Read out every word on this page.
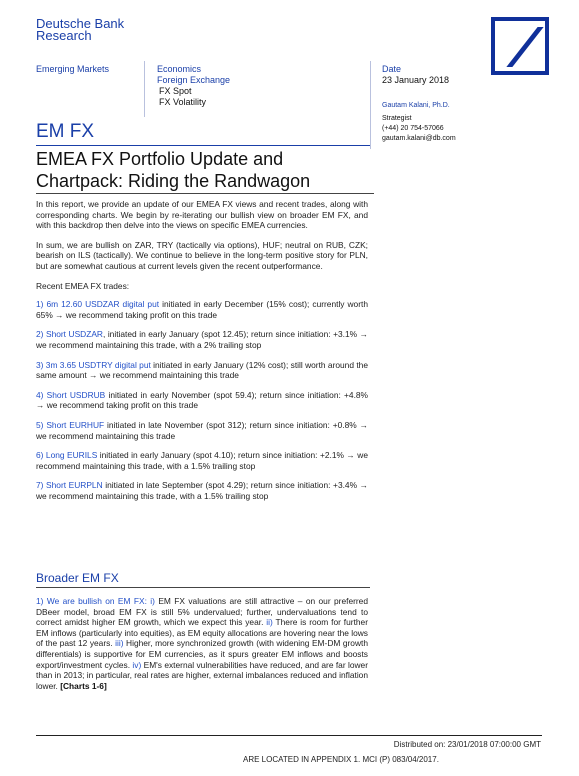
Deutsche Bank
Research
Emerging Markets	Economics
Foreign Exchange
FX Spot
FX Volatility
Date
23 January 2018
Gautam Kalani, Ph.D.
Strategist
(+44) 20 754-57066
gautam.kalani@db.com
EM FX
EMEA FX Portfolio Update and
Chartpack: Riding the Randwagon

In this report, we provide an update of our EMEA FX views and recent trades, along with corresponding charts. We begin by re-iterating our bullish view on broader EM FX, and with this backdrop then delve into the views on specific EMEA currencies.

In sum, we are bullish on ZAR, TRY (tactically via options), HUF; neutral on RUB, CZK; bearish on ILS (tactically). We continue to believe in the long-term positive story for PLN, but are somewhat cautious at current levels given the recent outperformance.

Recent EMEA FX trades:

1) 6m 12.60 USDZAR digital put initiated in early December (15% cost); currently worth 65% → we recommend taking profit on this trade

2) Short USDZAR, initiated in early January (spot 12.45); return since initiation: +3.1% → we recommend maintaining this trade, with a 2% trailing stop

3) 3m 3.65 USDTRY digital put initiated in early January (12% cost); still worth around the same amount → we recommend maintaining this trade

4) Short USDRUB initiated in early November (spot 59.4); return since initiation: +4.8% → we recommend taking profit on this trade

5) Short EURHUF initiated in late November (spot 312); return since initiation: +0.8% → we recommend maintaining this trade

6) Long EURILS initiated in early January (spot 4.10); return since initiation: +2.1% → we recommend maintaining this trade, with a 1.5% trailing stop

7) Short EURPLN initiated in late September (spot 4.29); return since initiation: +3.4% → we recommend maintaining this trade, with a 1.5% trailing stop

Broader EM FX

1) We are bullish on EM FX: i) EM FX valuations are still attractive – on our preferred DBeer model, broad EM FX is still 5% undervalued; further, undervaluations tend to correct amidst higher EM growth, which we expect this year. ii) There is room for further EM inflows (particularly into equities), as EM equity allocations are hovering near the lows of the past 12 years. iii) Higher, more synchronized growth (with widening EM-DM growth differentials) is supportive for EM currencies, as it spurs greater EM inflows and boosts export/investment cycles. iv) EM's external vulnerabilities have reduced, and are far lower than in 2013; in particular, real rates are higher, external imbalances reduced and inflation lower. [Charts 1-6]

Distributed on: 23/01/2018 07:00:00 GMT
ARE LOCATED IN APPENDIX 1. MCI (P) 083/04/2017.
